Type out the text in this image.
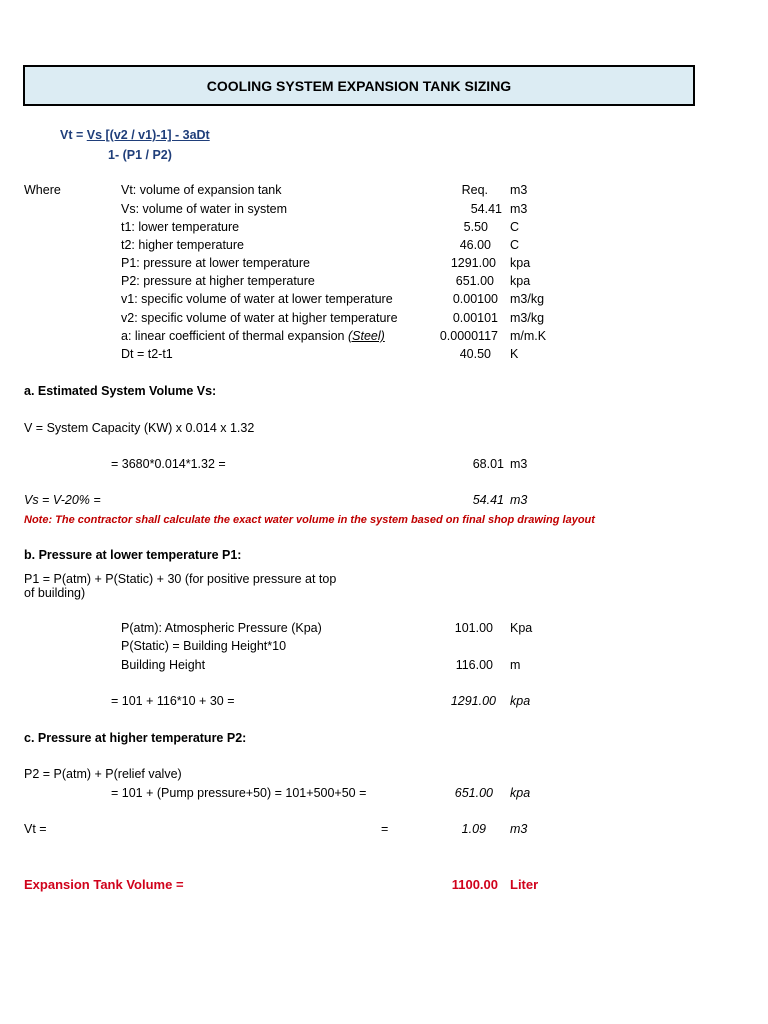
COOLING SYSTEM EXPANSION TANK SIZING
Vt = Vs [(v2 / v1)-1] - 3aDt
1- (P1 / P2)
Where	Vt: volume of expansion tank	Req. m3
Vs: volume of water in system	54.41 m3
t1: lower temperature	5.50 C
t2: higher temperature	46.00 C
P1: pressure at lower temperature	1291.00 kpa
P2: pressure at higher temperature	651.00 kpa
v1: specific volume of water at lower temperature	0.00100 m3/kg
v2: specific volume of water at higher temperature	0.00101 m3/kg
a: linear coefficient of thermal expansion (Steel)	0.0000117 m/m.K
Dt = t2-t1	40.50 K
a. Estimated System Volume Vs:
V = System Capacity (KW) x 0.014 x 1.32
= 3680*0.014*1.32 =	68.01 m3
Vs = V-20% =	54.41 m3
Note: The contractor shall calculate the exact water volume in the system based on final shop drawing layout
b. Pressure at lower temperature P1:
P1 = P(atm) + P(Static) + 30 (for positive pressure at top
of building)
P(atm): Atmospheric Pressure (Kpa)	101.00 Kpa
P(Static) = Building Height*10
Building Height	116.00 m
= 101 + 116*10 + 30 =	1291.00 kpa
c. Pressure at higher temperature P2:
P2 = P(atm) + P(relief valve)
= 101 + (Pump pressure+50) = 101+500+50 =	651.00 kpa
Vt =	=	1.09 m3
Expansion Tank Volume =	1100.00 Liter
